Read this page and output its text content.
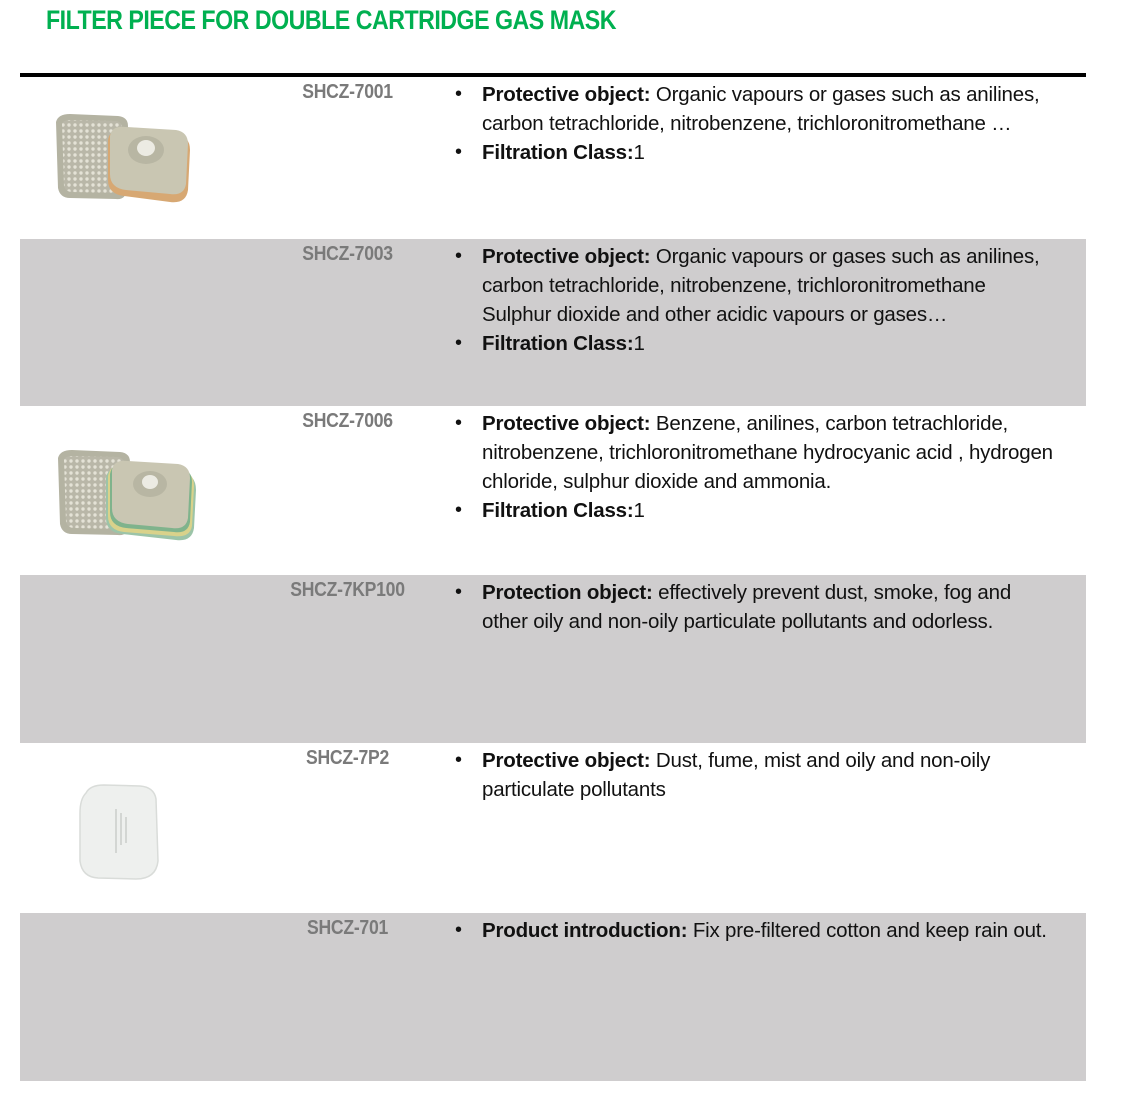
FILTER PIECE FOR DOUBLE CARTRIDGE GAS MASK
SHCZ-7001	• Protective object: Organic vapours or gases such as anilines, carbon tetrachloride, nitrobenzene, trichloronitromethane …
• Filtration Class:1
SHCZ-7003	• Protective object: Organic vapours or gases such as anilines, carbon tetrachloride, nitrobenzene, trichloronitromethane Sulphur dioxide and other acidic vapours or gases…
• Filtration Class:1
SHCZ-7006	• Protective object: Benzene, anilines, carbon tetrachloride, nitrobenzene, trichloronitromethane hydrocyanic acid , hydrogen chloride, sulphur dioxide and ammonia.
• Filtration Class:1
SHCZ-7KP100	• Protection object: effectively prevent dust, smoke, fog and other oily and non-oily particulate pollutants and odorless.
SHCZ-7P2	• Protective object: Dust, fume, mist and oily and non-oily particulate pollutants
SHCZ-701	• Product introduction: Fix pre-filtered cotton and keep rain out.
